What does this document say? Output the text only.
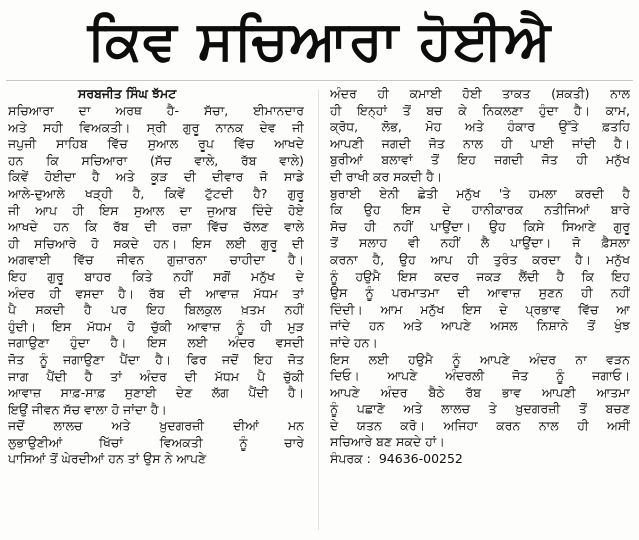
ਕਿਵ ਸਚਿਆਰਾ ਹੋਈਐ
ਸਰਬਜੀਤ ਸਿੰਘ ਝੱਮਟ
ਸਚਿਆਰਾ ਦਾ ਅਰਥ ਹੈ- ਸੱਚਾ, ਈਮਾਨਦਾਰ
ਅਤੇ ਸਹੀ ਵਿਅਕਤੀ। ਸ੍ਰੀ ਗੁਰੂ ਨਾਨਕ ਦੇਵ ਜੀ
ਜਪੁਜੀ ਸਾਹਿਬ ਵਿੱਚ ਸੁਆਲ ਰੂਪ ਵਿੱਚ ਆਖਦੇ
ਹਨ ਕਿ ਸਚਿਆਰਾ (ਸੱਚ ਵਾਲੇ, ਰੱਬ ਵਾਲੇ)
ਕਿਵੇਂ ਹੋਈਦਾ ਹੈ ਅਤੇ ਕੂੜ ਦੀ ਦੀਵਾਰ ਜੋ ਸਾਡੇ
ਆਲੇ-ਦੁਆਲੇ ਖੜ੍ਹੀ ਹੈ, ਕਿਵੇਂ ਟੁੱਟਦੀ ਹੈ? ਗੁਰੂ
ਜੀ ਆਪ ਹੀ ਇਸ ਸੁਆਲ ਦਾ ਜੁਆਬ ਦਿੰਦੇ ਹੋਏ
ਆਖਦੇ ਹਨ ਕਿ ਰੱਬ ਦੀ ਰਜ਼ਾ ਵਿੱਚ ਚੱਲਣ ਵਾਲੇ
ਹੀ ਸਚਿਆਰੇ ਹੋ ਸਕਦੇ ਹਨ। ਇਸ ਲਈ ਗੁਰੂ ਦੀ
ਅਗਵਾਈ ਵਿੱਚ ਜੀਵਨ ਗੁਜ਼ਾਰਨਾ ਚਾਹੀਦਾ ਹੈ।
ਇਹ ਗੁਰੂ ਬਾਹਰ ਕਿਤੇ ਨਹੀਂ ਸਗੋਂ ਮਨੁੱਖ ਦੇ
ਅੰਦਰ ਹੀ ਵਸਦਾ ਹੈ। ਰੱਬ ਦੀ ਆਵਾਜ਼ ਮੱਧਮ ਤਾਂ
ਪੈ ਸਕਦੀ ਹੈ ਪਰ ਇਹ ਬਿਲਕੁਲ ਖ਼ਤਮ ਨਹੀਂ
ਹੁੰਦੀ। ਇਸ ਮੱਧਮ ਹੋ ਚੁੱਕੀ ਆਵਾਜ਼ ਨੂੰ ਹੀ ਮੁੜ
ਜਗਾਉਣਾ ਹੁੰਦਾ ਹੈ। ਇਸ ਲਈ ਅੰਦਰ ਵਸਦੀ
ਜੋਤ ਨੂੰ ਜਗਾਉਣਾ ਪੈਂਦਾ ਹੈ। ਫਿਰ ਜਦੋਂ ਇਹ ਜੋਤ
ਜਾਗ ਪੈਂਦੀ ਹੈ ਤਾਂ ਅੰਦਰ ਦੀ ਮੱਧਮ ਪੈ ਚੁੱਕੀ
ਆਵਾਜ਼ ਸਾਫ਼-ਸਾਫ਼ ਸੁਣਾਈ ਦੇਣ ਲੱਗ ਪੈਂਦੀ ਹੈ।
ਇਉਂ ਜੀਵਨ ਸੱਚ ਵਾਲਾ ਹੋ ਜਾਂਦਾ ਹੈ।
ਜਦੋਂ ਲਾਲਚ ਅਤੇ ਖ਼ੁਦਗਰਜ਼ੀ ਦੀਆਂ ਮਨ
ਲੁਭਾਉਣੀਆਂ ਖਿੱਚਾਂ ਵਿਅਕਤੀ ਨੂੰ ਚਾਰੇ
ਪਾਸਿਆਂ ਤੋਂ ਘੇਰਦੀਆਂ ਹਨ ਤਾਂ ਉਸ ਨੇ ਆਪਣੇ
ਅੰਦਰ ਹੀ ਕਮਾਈ ਹੋਈ ਤਾਕਤ (ਸ਼ਕਤੀ) ਨਾਲ
ਹੀ ਇਨ੍ਹਾਂ ਤੋਂ ਬਚ ਕੇ ਨਿਕਲਣਾ ਹੁੰਦਾ ਹੈ। ਕਾਮ,
ਕ੍ਰੋਧ, ਲੋਭ, ਮੋਹ ਅਤੇ ਹੰਕਾਰ ਉੱਤੇ ਫ਼ਤਹਿ
ਆਪਣੀ ਜਗਦੀ ਜੋਤ ਨਾਲ ਹੀ ਪਾਈ ਜਾਂਦੀ ਹੈ।
ਬੁਰੀਆਂ ਬਲਾਵਾਂ ਤੋਂ ਇਹ ਜਗਦੀ ਜੋਤ ਹੀ ਮਨੁੱਖ
ਦੀ ਰਾਖੀ ਕਰ ਸਕਦੀ ਹੈ।
ਬੁਰਾਈ ਏਨੀ ਛੇਤੀ ਮਨੁੱਖ 'ਤੇ ਹਮਲਾ ਕਰਦੀ ਹੈ
ਕਿ ਉਹ ਇਸ ਦੇ ਹਾਨੀਕਾਰਕ ਨਤੀਜਿਆਂ ਬਾਰੇ
ਸੋਚ ਹੀ ਨਹੀਂ ਪਾਉਂਦਾ। ਉਹ ਕਿਸੇ ਸਿਆਣੇ ਗੁਰੂ
ਤੋਂ ਸਲਾਹ ਵੀ ਨਹੀਂ ਲੈ ਪਾਉਂਦਾ। ਜੋ ਫ਼ੈਸਲਾ
ਕਰਨਾ ਹੈ, ਉਹ ਆਪ ਹੀ ਤੁਰੰਤ ਕਰਦਾ ਹੈ। ਮਨੁੱਖ
ਨੂੰ ਹਉਮੈ ਇਸ ਕਦਰ ਜਕੜ ਲੈਂਦੀ ਹੈ ਕਿ ਇਹ
ਉਸ ਨੂੰ ਪਰਮਾਤਮਾ ਦੀ ਆਵਾਜ਼ ਸੁਣਨ ਹੀ ਨਹੀਂ
ਦਿੰਦੀ। ਆਮ ਮਨੁੱਖ ਇਸ ਦੇ ਪ੍ਰਭਾਵ ਵਿੱਚ ਆ
ਜਾਂਦੇ ਹਨ ਅਤੇ ਆਪਣੇ ਅਸਲ ਨਿਸ਼ਾਨੇ ਤੋਂ ਖੁੰਝ
ਜਾਂਦੇ ਹਨ।
ਇਸ ਲਈ ਹਉਮੈ ਨੂੰ ਆਪਣੇ ਅੰਦਰ ਨਾ ਵੜਨ
ਦਿਓ। ਆਪਣੇ ਅੰਦਰਲੀ ਜੋਤ ਨੂੰ ਜਗਾਓ।
ਆਪਣੇ ਅੰਦਰ ਬੈਠੇ ਰੱਬ ਭਾਵ ਆਪਣੀ ਆਤਮਾ
ਨੂੰ ਪਛਾਣੋ ਅਤੇ ਲਾਲਚ ਤੇ ਖ਼ੁਦਗਰਜ਼ੀ ਤੋਂ ਬਚਣ
ਦੇ ਯਤਨ ਕਰੋ। ਅਜਿਹਾ ਕਰਨ ਨਾਲ ਹੀ ਅਸੀਂ
ਸਚਿਆਰੇ ਬਣ ਸਕਦੇ ਹਾਂ।
ਸੰਪਰਕ : 94636-00252
